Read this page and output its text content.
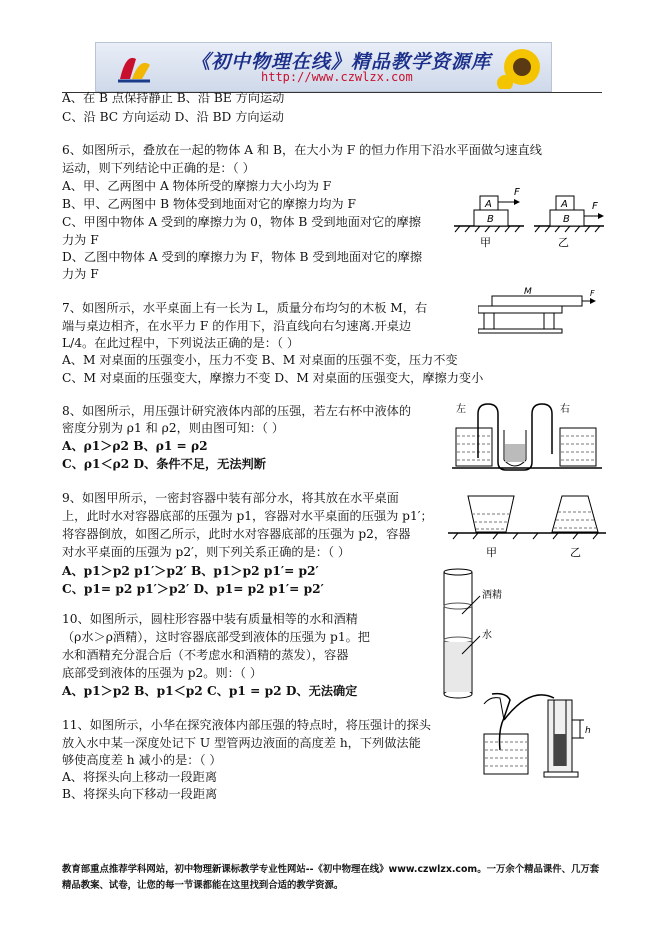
《初中物理在线》精品教学资源库
http://www.czwlzx.com
A、在 B 点保持静止 B、沿 BE 方向运动
C、沿 BC 方向运动 D、沿 BD 方向运动
6、如图所示，叠放在一起的物体 A 和 B，在大小为 F 的恒力作用下沿水平面做匀速直线
运动，则下列结论中正确的是：（ ）
A、甲、乙两图中 A 物体所受的摩擦力大小均为 F
B、甲、乙两图中 B 物体受到地面对它的摩擦力均为 F
C、甲图中物体 A 受到的摩擦力为 0，物体 B 受到地面对它的摩擦
力为 F
D、乙图中物体 A 受到的摩擦力为 F，物体 B 受到地面对它的摩擦
力为 F
7、如图所示，水平桌面上有一长为 L，质量分布均匀的木板 M，右
端与桌边相齐，在水平力 F 的作用下，沿直线向右匀速离.开桌边
L/4。在此过程中，下列说法正确的是：（ ）
A、M 对桌面的压强变小，压力不变 B、M 对桌面的压强不变，压力不变
C、M 对桌面的压强变大，摩擦力不变 D、M 对桌面的压强变大，摩擦力变小
8、如图所示，用压强计研究液体内部的压强，若左右杯中液体的
密度分别为 ρ1 和 ρ2，则由图可知：（ ）
A、ρ1＞ρ2 B、ρ1 = ρ2
C、ρ1＜ρ2 D、条件不足，无法判断
9、如图甲所示，一密封容器中装有部分水，将其放在水平桌面
上，此时水对容器底部的压强为 p1，容器对水平桌面的压强为 p1′；
将容器倒放，如图乙所示，此时水对容器底部的压强为 p2，容器
对水平桌面的压强为 p2′，则下列关系正确的是：（ ）
A、p1＞p2 p1′＞p2′ B、p1＞p2 p1′= p2′
C、p1= p2 p1′＞p2′ D、p1= p2 p1′= p2′
10、如图所示，圆柱形容器中装有质量相等的水和酒精
（ρ水＞ρ酒精），这时容器底部受到液体的压强为 p1。把
水和酒精充分混合后（不考虑水和酒精的蒸发），容器
底部受到液体的压强为 p2。则：（ ）
A、p1＞p2 B、p1＜p2 C、p1 = p2 D、无法确定
11、如图所示，小华在探究液体内部压强的特点时，将压强计的探头
放入水中某一深度处记下 U 型管两边液面的高度差 h，下列做法能
够使高度差 h 减小的是：（ ）
A、将探头向上移动一段距离
B、将探头向下移动一段距离
A
B
F
甲
A
B
F
乙
M	F
左	右
甲	乙
酒精
水
h
教育部重点推荐学科网站，初中物理新课标教学专业性网站--《初中物理在线》www.czwlzx.com。一万余个精品课件、几万套精品教案、试卷，让您的每一节课都能在这里找到合适的教学资源。
